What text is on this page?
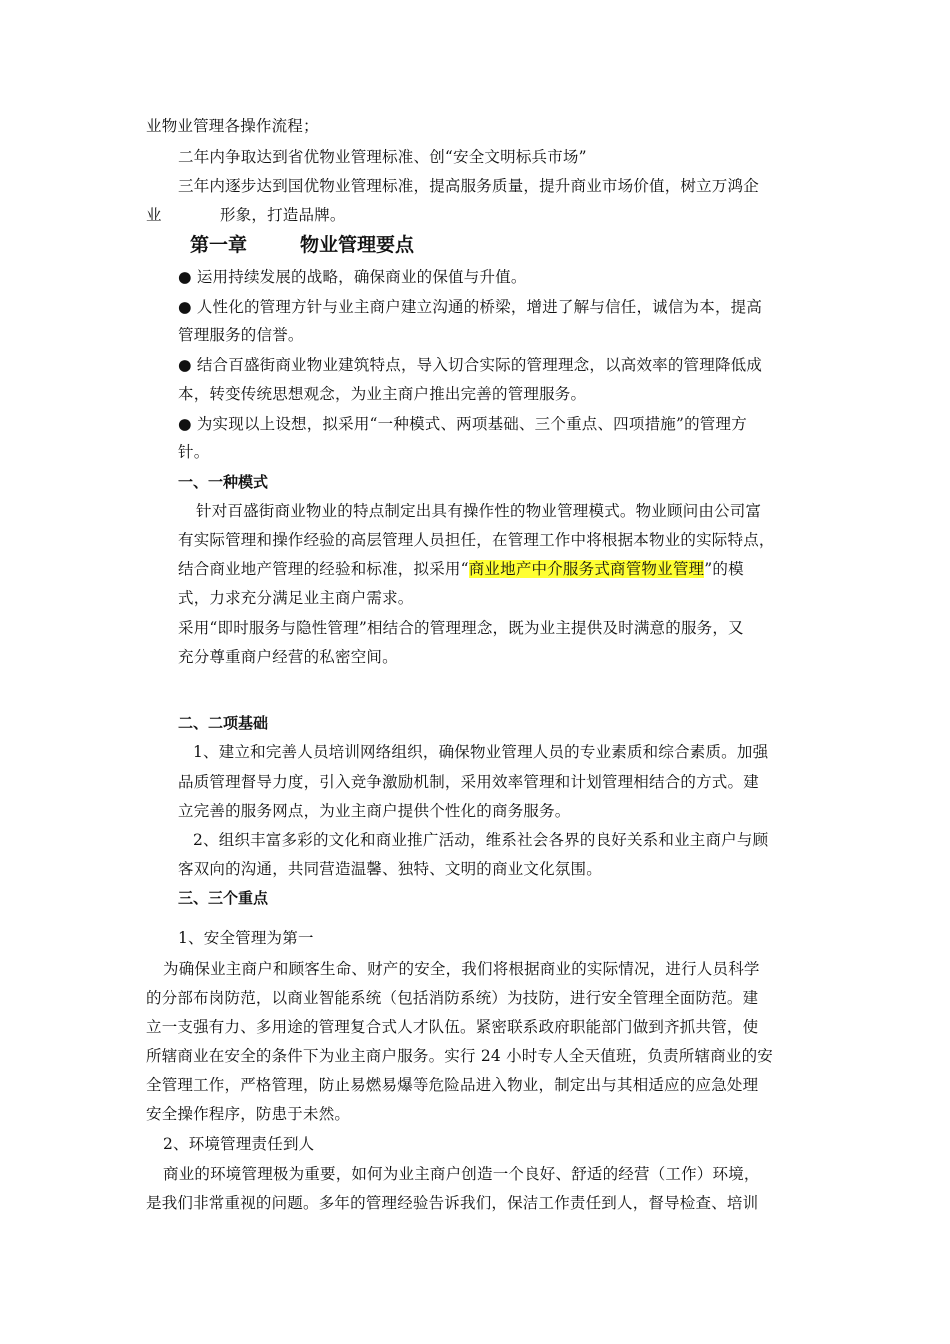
业物业管理各操作流程；
二年内争取达到省优物业管理标准、创“安全文明标兵市场”
三年内逐步达到国优物业管理标准，提高服务质量，提升商业市场价值，树立万鸿企
业	形象，打造品牌。
第一章	物业管理要点
● 运用持续发展的战略，确保商业的保值与升值。
● 人性化的管理方针与业主商户建立沟通的桥梁，增进了解与信任，诚信为本，提高
管理服务的信誉。
● 结合百盛街商业物业建筑特点，导入切合实际的管理理念，以高效率的管理降低成
本，转变传统思想观念，为业主商户推出完善的管理服务。
● 为实现以上设想，拟采用“一种模式、两项基础、三个重点、四项措施”的管理方
针。
一、一种模式
针对百盛街商业物业的特点制定出具有操作性的物业管理模式。物业顾问由公司富
有实际管理和操作经验的高层管理人员担任，在管理工作中将根据本物业的实际特点，
结合商业地产管理的经验和标准，拟采用“商业地产中介服务式商管物业管理”的模
式，力求充分满足业主商户需求。
采用“即时服务与隐性管理”相结合的管理理念，既为业主提供及时满意的服务，又
充分尊重商户经营的私密空间。
二、二项基础
1、建立和完善人员培训网络组织，确保物业管理人员的专业素质和综合素质。加强
品质管理督导力度，引入竞争激励机制，采用效率管理和计划管理相结合的方式。建
立完善的服务网点，为业主商户提供个性化的商务服务。
2、组织丰富多彩的文化和商业推广活动，维系社会各界的良好关系和业主商户与顾
客双向的沟通，共同营造温馨、独特、文明的商业文化氛围。
三、三个重点
1、安全管理为第一
为确保业主商户和顾客生命、财产的安全，我们将根据商业的实际情况，进行人员科学
的分部布岗防范，以商业智能系统（包括消防系统）为技防，进行安全管理全面防范。建
立一支强有力、多用途的管理复合式人才队伍。紧密联系政府职能部门做到齐抓共管，使
所辖商业在安全的条件下为业主商户服务。实行 24 小时专人全天值班，负责所辖商业的安
全管理工作，严格管理，防止易燃易爆等危险品进入物业，制定出与其相适应的应急处理
安全操作程序，防患于未然。
2、环境管理责任到人
商业的环境管理极为重要，如何为业主商户创造一个良好、舒适的经营（工作）环境，
是我们非常重视的问题。多年的管理经验告诉我们，保洁工作责任到人，督导检查、培训
